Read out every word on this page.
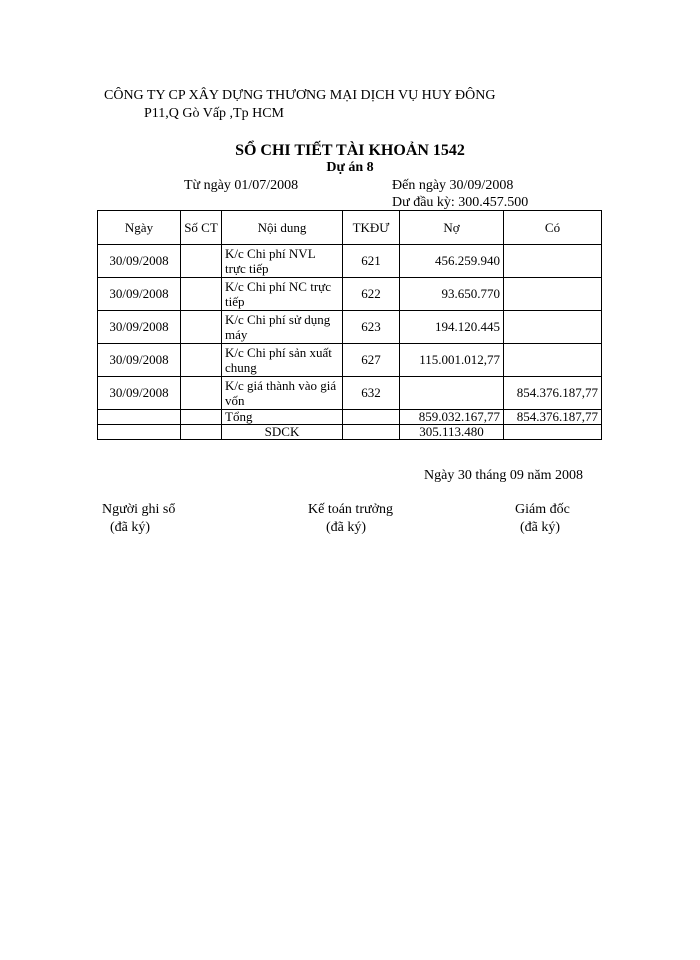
CÔNG TY CP XÂY DỰNG THƯƠNG MẠI DỊCH VỤ HUY ĐÔNG
P11,Q Gò Vấp ,Tp HCM
SỔ CHI TIẾT TÀI KHOẢN 1542
Dự án 8
Từ ngày 01/07/2008	Đến ngày 30/09/2008
Dư đầu kỳ: 300.457.500
Ngày	Số CT	Nội dung	TKĐƯ	Nợ	Có
30/09/2008		K/c Chi phí NVL trực tiếp	621	456.259.940	
30/09/2008		K/c Chi phí NC trực tiếp	622	93.650.770	
30/09/2008		K/c Chi phí sử dụng máy	623	194.120.445	
30/09/2008		K/c Chi phí sản xuất chung	627	115.001.012,77	
30/09/2008		K/c giá thành vào giá vốn	632		854.376.187,77
		Tổng		859.032.167,77	854.376.187,77
		SDCK		305.113.480	
Ngày 30 tháng 09 năm 2008
Người ghi sổ
(đã ký)
Kế toán trưởng
(đã ký)
Giám đốc
(đã ký)
